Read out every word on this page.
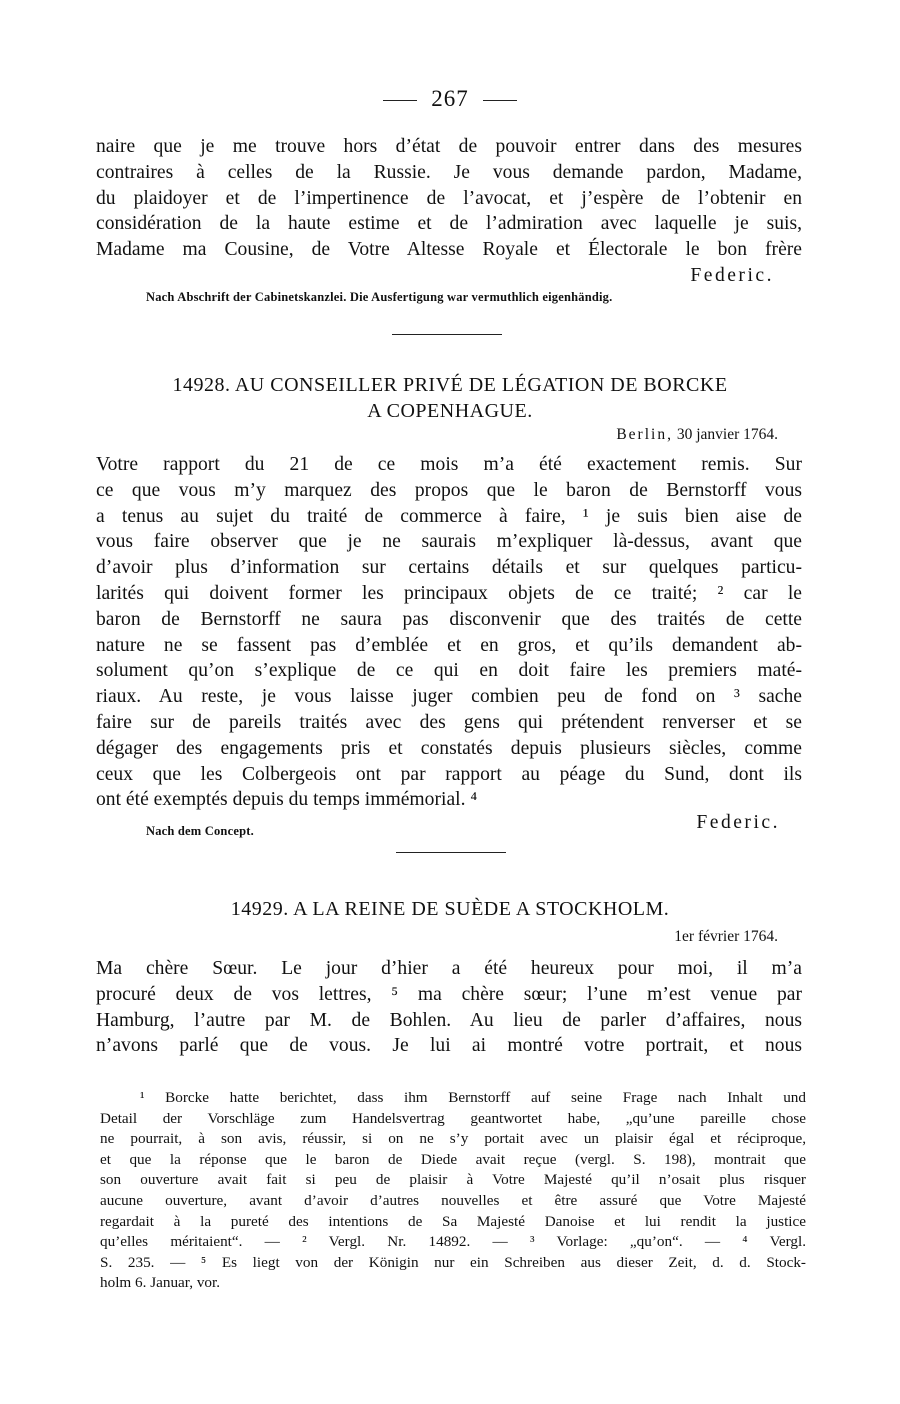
267
naire que je me trouve hors d’état de pouvoir entrer dans des mesures
contraires à celles de la Russie. Je vous demande pardon, Madame,
du plaidoyer et de l’impertinence de l’avocat, et j’espère de l’obtenir en
considération de la haute estime et de l’admiration avec laquelle je suis,
Madame ma Cousine, de Votre Altesse Royale et Électorale le bon frère
Federic.
Nach Abschrift der Cabinetskanzlei. Die Ausfertigung war vermuthlich eigenhändig.
14928. AU CONSEILLER PRIVÉ DE LÉGATION DE BORCKE
A COPENHAGUE.
Berlin, 30 janvier 1764.
Votre rapport du 21 de ce mois m’a été exactement remis. Sur
ce que vous m’y marquez des propos que le baron de Bernstorff vous
a tenus au sujet du traité de commerce à faire, ¹ je suis bien aise de
vous faire observer que je ne saurais m’expliquer là-dessus, avant que
d’avoir plus d’information sur certains détails et sur quelques particu-
larités qui doivent former les principaux objets de ce traité; ² car le
baron de Bernstorff ne saura pas disconvenir que des traités de cette
nature ne se fassent pas d’emblée et en gros, et qu’ils demandent ab-
solument qu’on s’explique de ce qui en doit faire les premiers maté-
riaux. Au reste, je vous laisse juger combien peu de fond on ³ sache
faire sur de pareils traités avec des gens qui prétendent renverser et se
dégager des engagements pris et constatés depuis plusieurs siècles, comme
ceux que les Colbergeois ont par rapport au péage du Sund, dont ils
ont été exemptés depuis du temps immémorial. ⁴
Nach dem Concept.	Federic.
14929. A LA REINE DE SUÈDE A STOCKHOLM.
1er février 1764.
Ma chère Sœur. Le jour d’hier a été heureux pour moi, il m’a
procuré deux de vos lettres, ⁵ ma chère sœur; l’une m’est venue par
Hamburg, l’autre par M. de Bohlen. Au lieu de parler d’affaires, nous
n’avons parlé que de vous. Je lui ai montré votre portrait, et nous
¹ Borcke hatte berichtet, dass ihm Bernstorff auf seine Frage nach Inhalt und
Detail der Vorschläge zum Handelsvertrag geantwortet habe, „qu’une pareille chose
ne pourrait, à son avis, réussir, si on ne s’y portait avec un plaisir égal et réciproque,
et que la réponse que le baron de Diede avait reçue (vergl. S. 198), montrait que
son ouverture avait fait si peu de plaisir à Votre Majesté qu’il n’osait plus risquer
aucune ouverture, avant d’avoir d’autres nouvelles et être assuré que Votre Majesté
regardait à la pureté des intentions de Sa Majesté Danoise et lui rendit la justice
qu’elles méritaient“. — ² Vergl. Nr. 14892. — ³ Vorlage: „qu’on“. — ⁴ Vergl.
S. 235. — ⁵ Es liegt von der Königin nur ein Schreiben aus dieser Zeit, d. d. Stock-
holm 6. Januar, vor.
